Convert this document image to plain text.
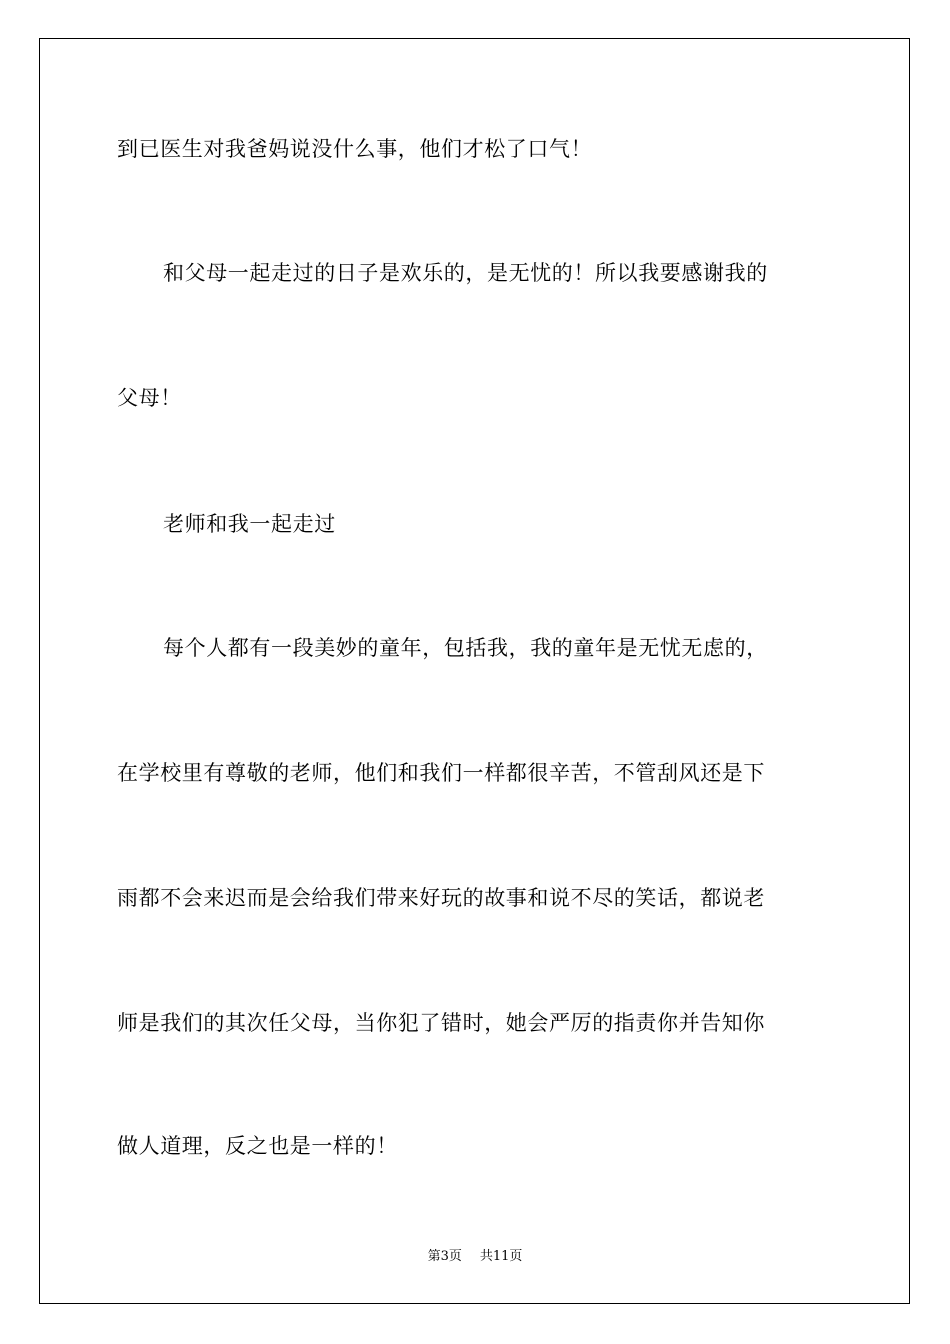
到已医生对我爸妈说没什么事，他们才松了口气！
和父母一起走过的日子是欢乐的，是无忧的！所以我要感谢我的
父母！
老师和我一起走过
每个人都有一段美妙的童年，包括我，我的童年是无忧无虑的，
在学校里有尊敬的老师，他们和我们一样都很辛苦，不管刮风还是下
雨都不会来迟而是会给我们带来好玩的故事和说不尽的笑话，都说老
师是我们的其次任父母，当你犯了错时，她会严厉的指责你并告知你
做人道理，反之也是一样的！
第3页 共11页
